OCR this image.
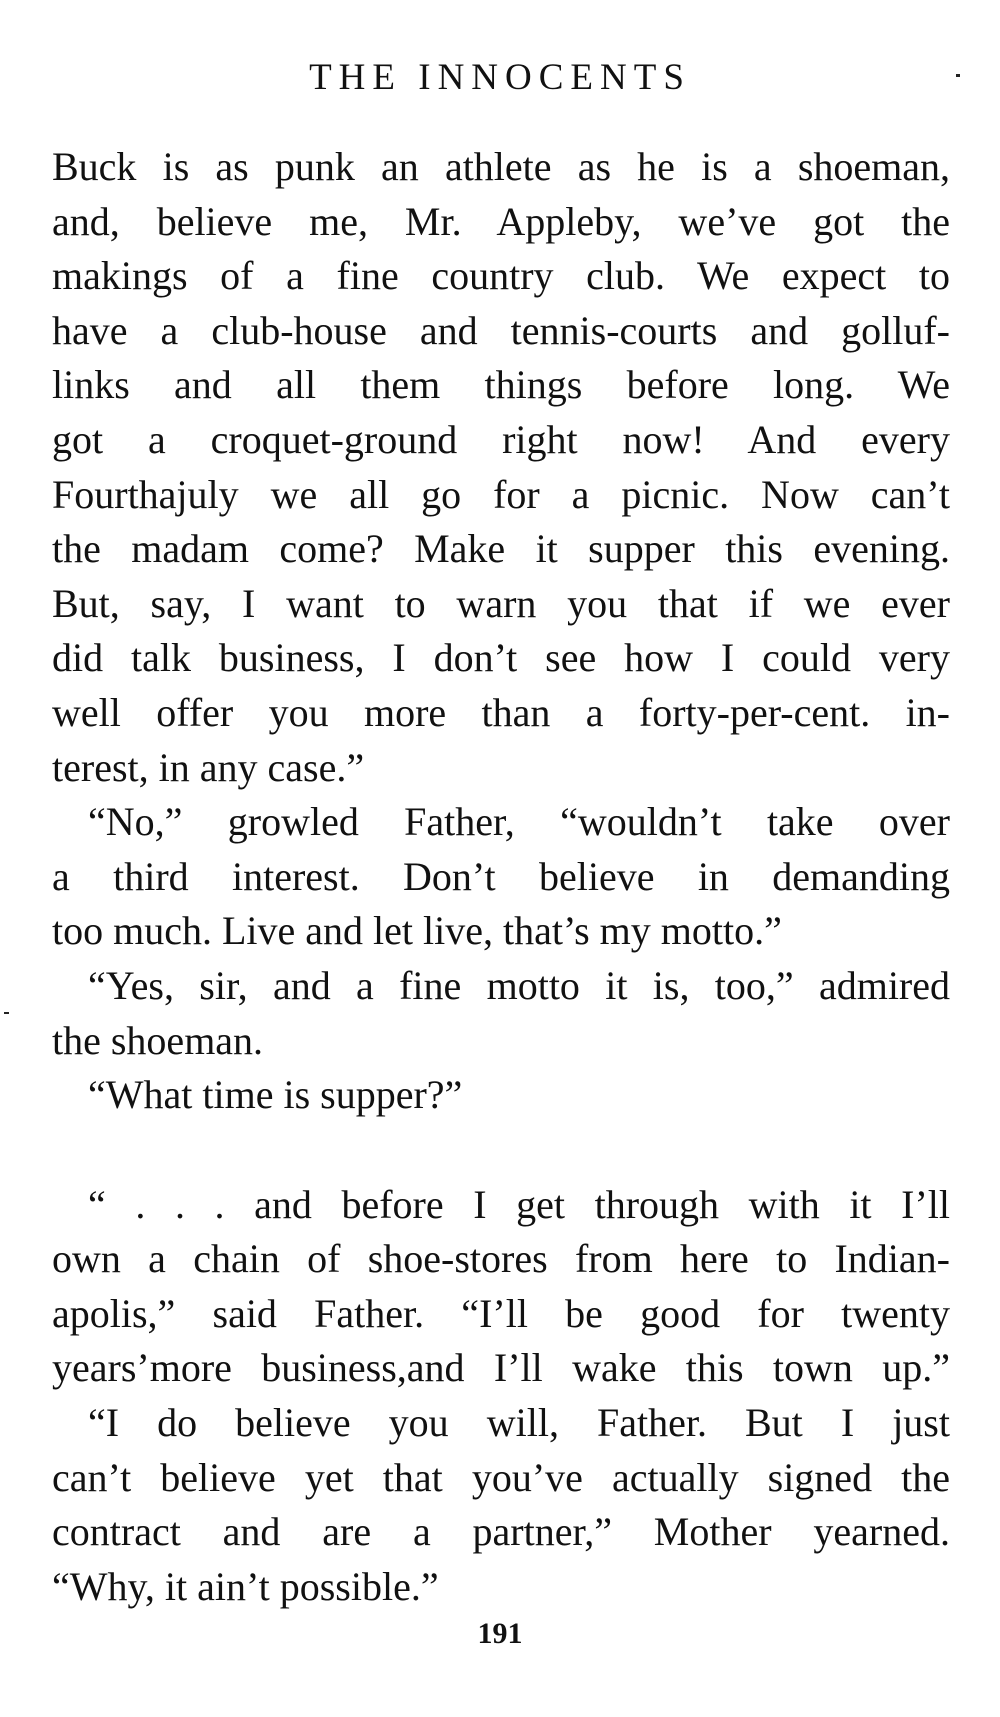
THE INNOCENTS
Buck is as punk an athlete as he is a shoeman,
and, believe me, Mr. Appleby, we’ve got the
makings of a fine country club. We expect to
have a club-house and tennis-courts and golluf-
links and all them things before long. We
got a croquet-ground right now! And every
Fourthajuly we all go for a picnic. Now can’t
the madam come? Make it supper this evening.
But, say, I want to warn you that if we ever
did talk business, I don’t see how I could very
well offer you more than a forty-per-cent. in-
terest, in any case.”
“No,” growled Father, “wouldn’t take over
a third interest. Don’t believe in demanding
too much. Live and let live, that’s my motto.”
“Yes, sir, and a fine motto it is, too,” admired
the shoeman.
“What time is supper?”
“ . . . and before I get through with it I’ll
own a chain of shoe-stores from here to Indian-
apolis,” said Father. “I’ll be good for twenty
years’more business,and I’ll wake this town up.”
“I do believe you will, Father. But I just
can’t believe yet that you’ve actually signed the
contract and are a partner,” Mother yearned.
“Why, it ain’t possible.”
191
